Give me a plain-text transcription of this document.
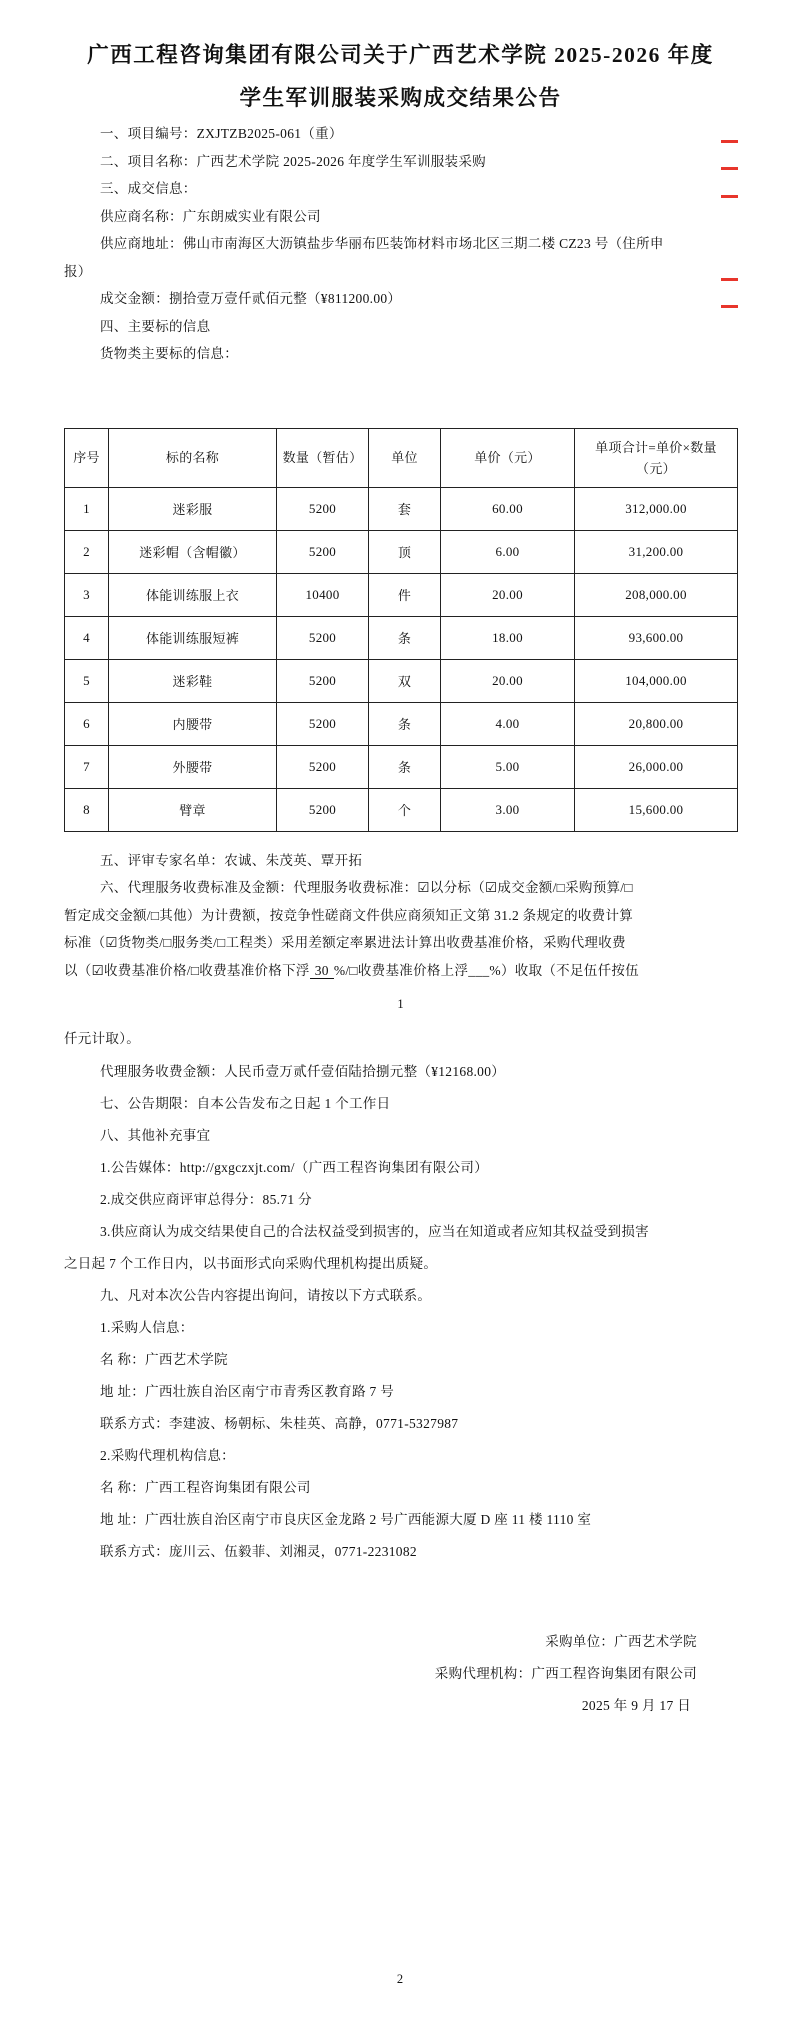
广西工程咨询集团有限公司关于广西艺术学院 2025-2026 年度
学生军训服装采购成交结果公告
一、项目编号：ZXJTZB2025-061（重）
二、项目名称：广西艺术学院 2025-2026 年度学生军训服装采购
三、成交信息：
供应商名称：广东朗威实业有限公司
供应商地址：佛山市南海区大沥镇盐步华丽布匹装饰材料市场北区三期二楼 CZ23 号（住所申
报）
成交金额：捌拾壹万壹仟贰佰元整（¥811200.00）
四、主要标的信息
货物类主要标的信息：
序号	标的名称	数量（暂估）	单位	单价（元）	单项合计=单价×数量
（元）

1	迷彩服	5200	套	60.00	312,000.00
2	迷彩帽（含帽徽）	5200	顶	6.00	31,200.00
3	体能训练服上衣	10400	件	20.00	208,000.00
4	体能训练服短裤	5200	条	18.00	93,600.00
5	迷彩鞋	5200	双	20.00	104,000.00
6	内腰带	5200	条	4.00	20,800.00
7	外腰带	5200	条	5.00	26,000.00
8	臂章	5200	个	3.00	15,600.00
五、评审专家名单：农诚、朱茂英、覃开拓
六、代理服务收费标准及金额：代理服务收费标准：☑以分标（☑成交金额/□采购预算/□
暂定成交金额/□其他）为计费额，按竞争性磋商文件供应商须知正文第 31.2 条规定的收费计算
标准（☑货物类/□服务类/□工程类）采用差额定率累进法计算出收费基准价格，采购代理收费
以（☑收费基准价格/□收费基准价格下浮 30 %/□收费基准价格上浮___%）收取（不足伍仟按伍
1
仟元计取）。
代理服务收费金额：人民币壹万贰仟壹佰陆拾捌元整（¥12168.00）
七、公告期限：自本公告发布之日起 1 个工作日
八、其他补充事宜
1.公告媒体：http://gxgczxjt.com/（广西工程咨询集团有限公司）
2.成交供应商评审总得分：85.71 分
3.供应商认为成交结果使自己的合法权益受到损害的，应当在知道或者应知其权益受到损害
之日起 7 个工作日内，以书面形式向采购代理机构提出质疑。
九、凡对本次公告内容提出询问，请按以下方式联系。
1.采购人信息：
名 称：广西艺术学院
地 址：广西壮族自治区南宁市青秀区教育路 7 号
联系方式：李建波、杨朝标、朱桂英、高静，0771-5327987
2.采购代理机构信息：
名 称：广西工程咨询集团有限公司
地 址：广西壮族自治区南宁市良庆区金龙路 2 号广西能源大厦 D 座 11 楼 1110 室
联系方式：庞川云、伍毅菲、刘湘灵，0771-2231082
采购单位：广西艺术学院
采购代理机构：广西工程咨询集团有限公司
2025 年 9 月 17 日
2
